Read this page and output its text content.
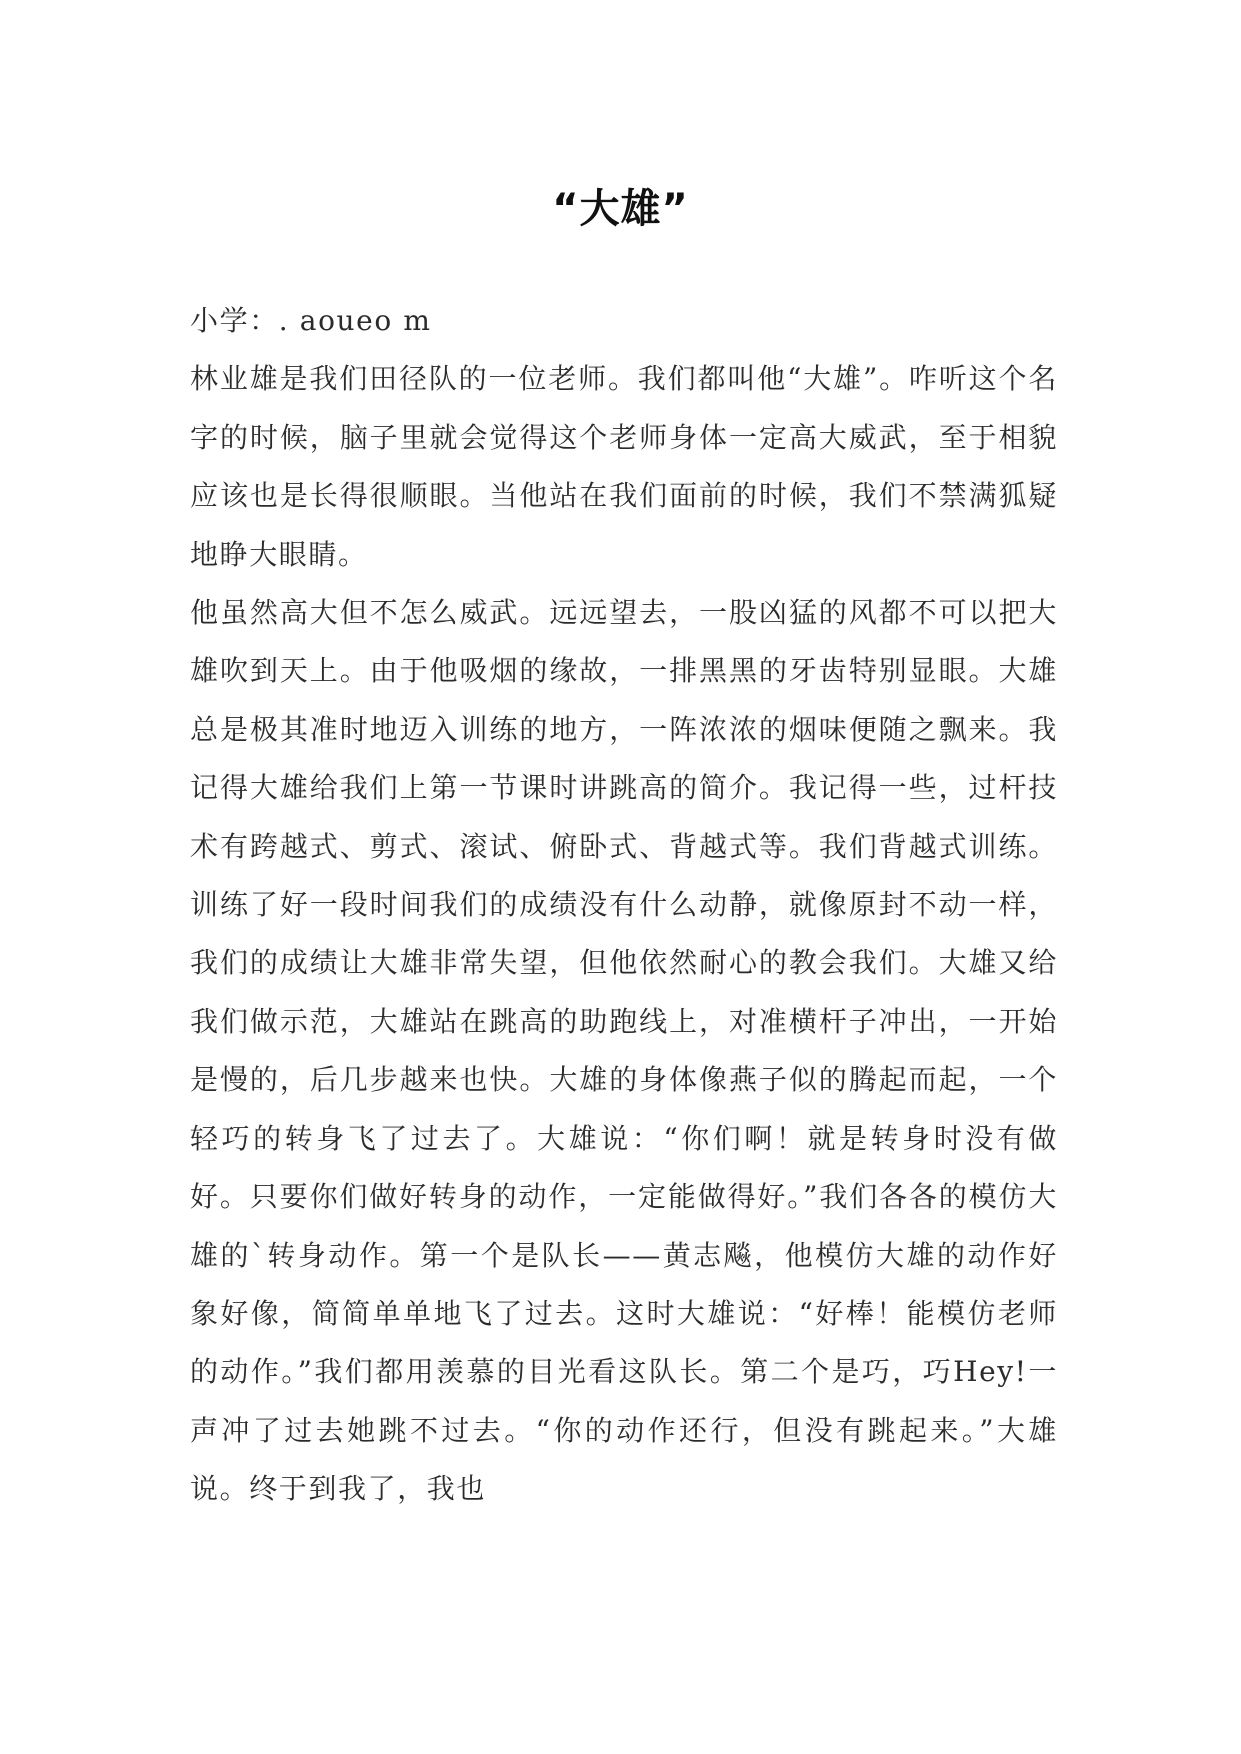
“大雄”

小学：. aoueo m

林业雄是我们田径队的一位老师。我们都叫他“大雄”。咋听这个名字的时候，脑子里就会觉得这个老师身体一定高大威武，至于相貌应该也是长得很顺眼。当他站在我们面前的时候，我们不禁满狐疑地睁大眼睛。

他虽然高大但不怎么威武。远远望去，一股凶猛的风都不可以把大雄吹到天上。由于他吸烟的缘故，一排黑黑的牙齿特别显眼。大雄总是极其准时地迈入训练的地方，一阵浓浓的烟味便随之飘来。我记得大雄给我们上第一节课时讲跳高的简介。我记得一些，过杆技术有跨越式、剪式、滚试、俯卧式、背越式等。我们背越式训练。训练了好一段时间我们的成绩没有什么动静，就像原封不动一样，我们的成绩让大雄非常失望，但他依然耐心的教会我们。大雄又给我们做示范，大雄站在跳高的助跑线上，对准横杆子冲出，一开始是慢的，后几步越来也快。大雄的身体像燕子似的腾起而起，一个轻巧的转身飞了过去了。大雄说：“你们啊！就是转身时没有做好。只要你们做好转身的动作，一定能做得好。”我们各各的模仿大雄的`转身动作。第一个是队长——黄志飚，他模仿大雄的动作好象好像，简简单单地飞了过去。这时大雄说：“好棒！能模仿老师的动作。”我们都用羡慕的目光看这队长。第二个是巧，巧Hey!一声冲了过去她跳不过去。“你的动作还行，但没有跳起来。”大雄说。终于到我了，我也
